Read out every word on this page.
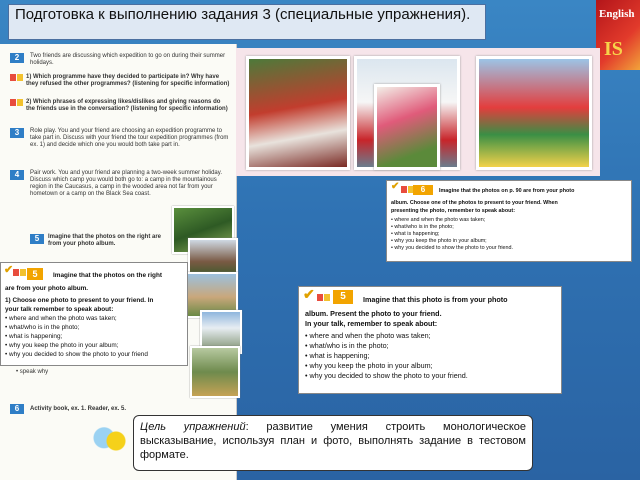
Подготовка к выполнению задания 3 (специальные упражнения).	English
IS
2	Two friends are discussing which expedition to go on during their summer holidays.
1) Which programme have they decided to participate in? Why have they refused the other programmes? (listening for specific information)
2) Which phrases of expressing likes/dislikes and giving reasons do the friends use in the conversation? (listening for specific information)
3	Role play. You and your friend are choosing an expedition programme to take part in. Discuss with your friend the tour expedition programmes (from ex. 1) and decide which one you would both take part in.
4	Pair work. You and your friend are planning a two-week summer holiday. Discuss which camp you would both go to: a camp in the mountainous region in the Caucasus, a camp in the wooded area not far from your hometown or a camp on the Black Sea coast.
5	Imagine that the photos on the right are from your photo album.
• speak why
6	Activity book, ex. 1. Reader, ex. 5.
✔	5	Imagine that the photos on the right
are from your photo album.
1) Choose one photo to present to your friend. In
your talk remember to speak about:
• where and when the photo was taken;
• what/who is in the photo;
• what is happening;
• why you keep the photo in your album;
• why you decided to show the photo to your friend
✔	6	Imagine that the photos on p. 90 are from your photo
album. Choose one of the photos to present to your friend. When
presenting the photo, remember to speak about:
• where and when the photo was taken;
• what/who is in the photo;
• what is happening;
• why you keep the photo in your album;
• why you decided to show the photo to your friend.
✔	5	Imagine that this photo is from your photo
album. Present the photo to your friend.
In your talk, remember to speak about:
• where and when the photo was taken;
• what/who is in the photo;
• what is happening;
• why you keep the photo in your album;
• why you decided to show the photo to your friend.
Цель упражнений: развитие умения строить монологическое высказывание, используя план и фото, выполнять задание в тестовом формате.
